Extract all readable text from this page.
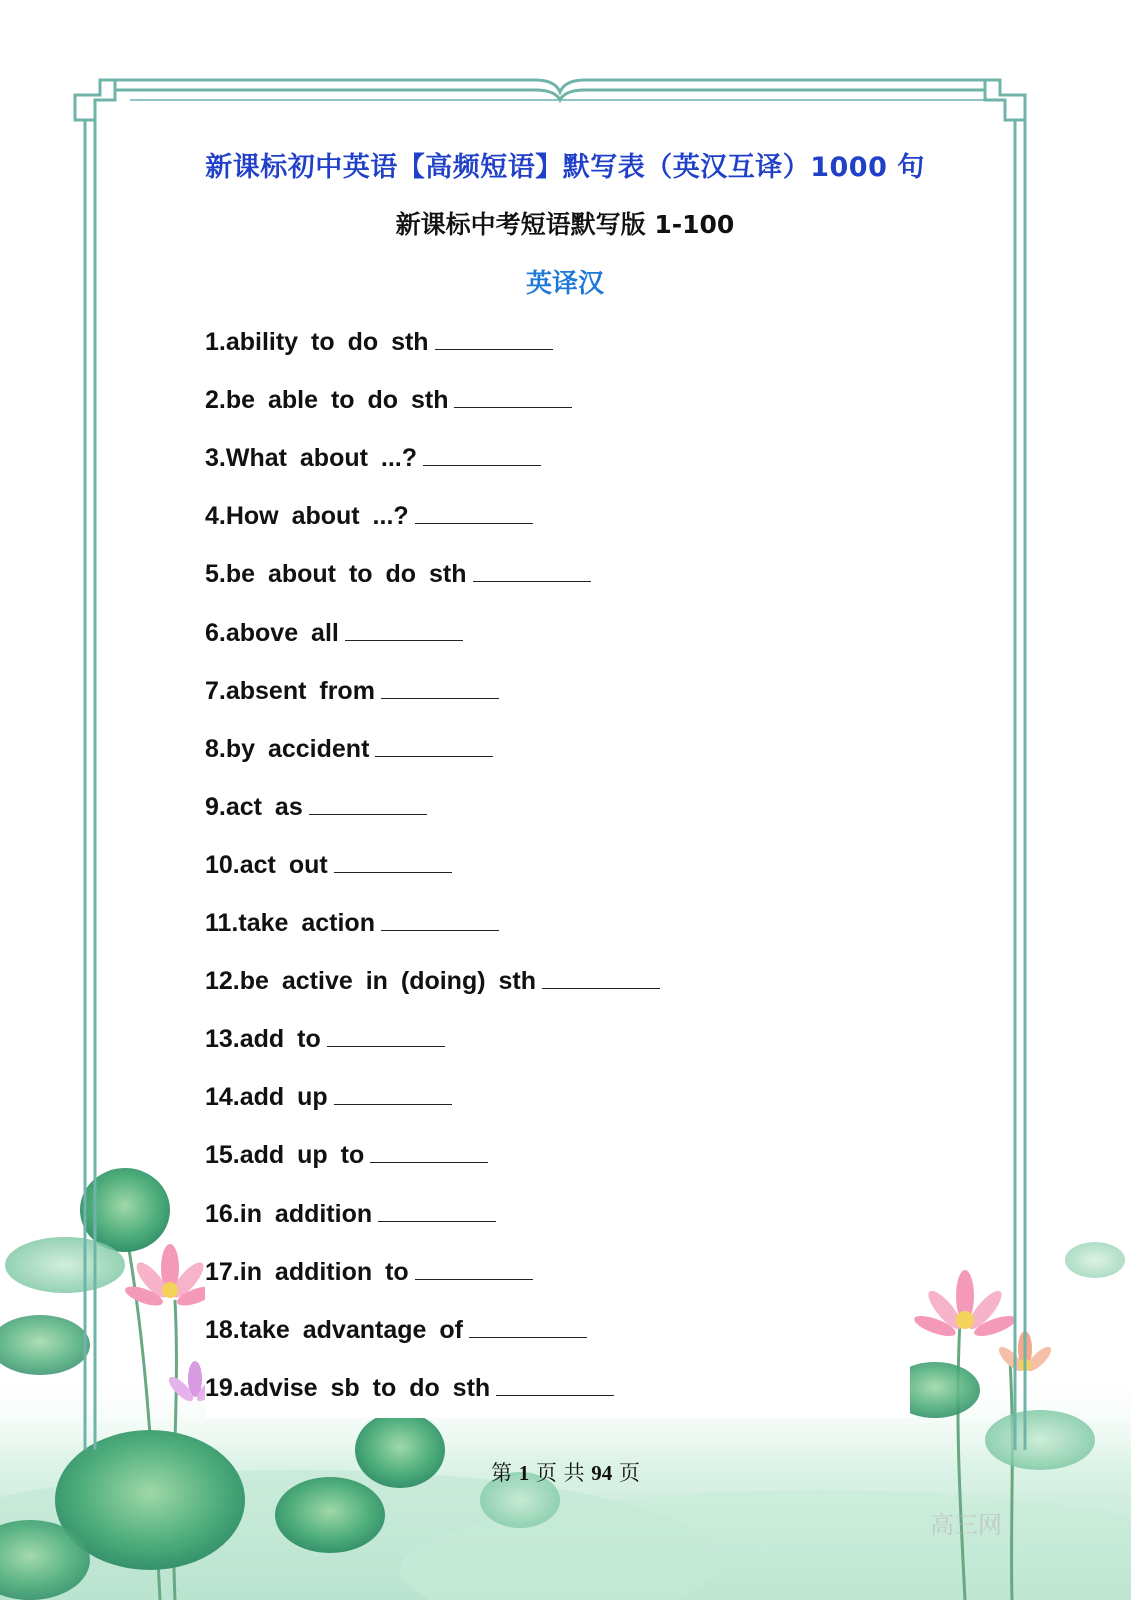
新课标初中英语【高频短语】默写表（英汉互译）1000 句
新课标中考短语默写版 1-100
英译汉
1.ability to do sth
2.be able to do sth
3.What about ...?
4.How about ...?
5.be about to do sth
6.above all
7.absent from
8.by accident
9.act as
10.act out
11.take action
12.be active in (doing) sth
13.add to
14.add up
15.add up to
16.in addition
17.in addition to
18.take advantage of
19.advise sb to do sth
第 1 页 共 94 页
高三网
